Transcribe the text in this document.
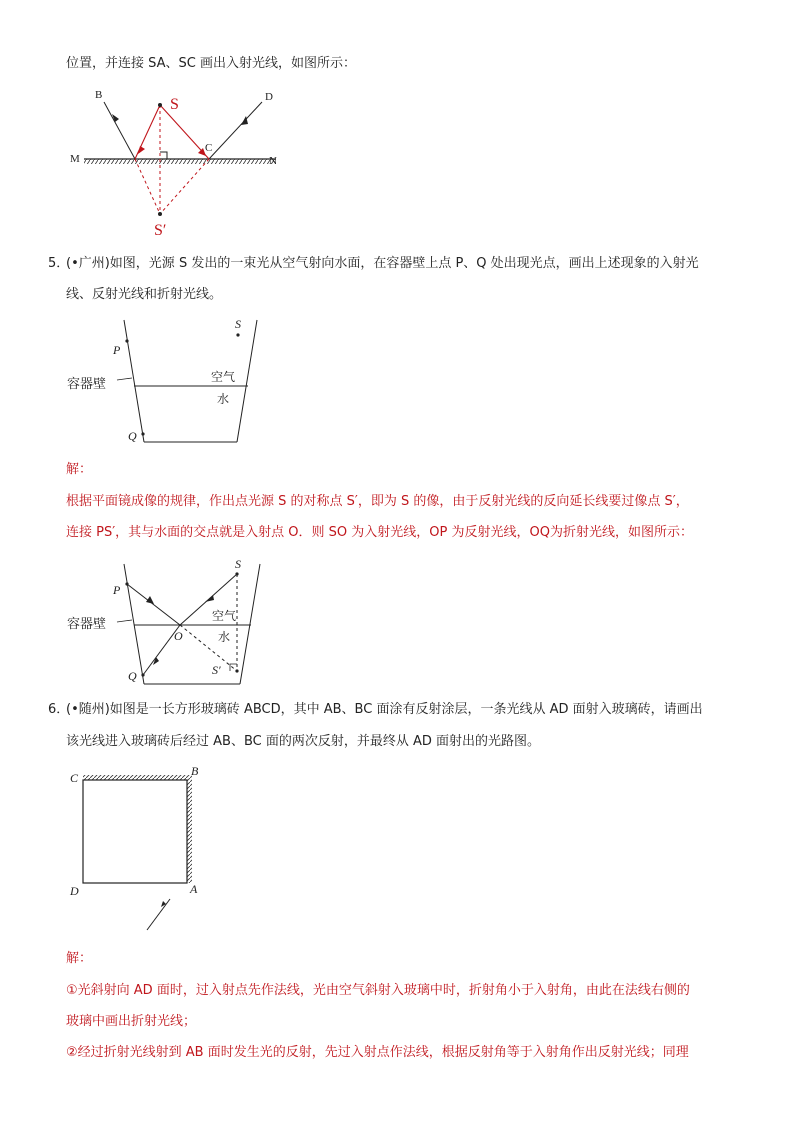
位置，并连接 SA、SC 画出入射光线，如图所示：
B
S	D
M
C
N
S′
5．
(•广州)如图，光源 S 发出的一束光从空气射向水面，在容器壁上点 P、Q 处出现光点，画出上述现象的入射光
线、反射光线和折射光线。
P
Q
S
容器壁	空气
水
解：
根据平面镜成像的规律，作出点光源 S 的对称点 S′，即为 S 的像，由于反射光线的反向延长线要过像点 S′，
连接 PS′，其与水面的交点就是入射点 O．则 SO 为入射光线，OP 为反射光线，OQ为折射光线，如图所示：
P
Q
S
O
S′
容器壁
空气
水
6．
(•随州)如图是一长方形玻璃砖 ABCD，其中 AB、BC 面涂有反射涂层，一条光线从 AD 面射入玻璃砖，请画出
该光线进入玻璃砖后经过 AB、BC 面的两次反射，并最终从 AD 面射出的光路图。
C	B
D	A
解：
①光斜射向 AD 面时，过入射点先作法线，光由空气斜射入玻璃中时，折射角小于入射角，由此在法线右侧的
玻璃中画出折射光线；
②经过折射光线射到 AB 面时发生光的反射，先过入射点作法线，根据反射角等于入射角作出反射光线；同理
